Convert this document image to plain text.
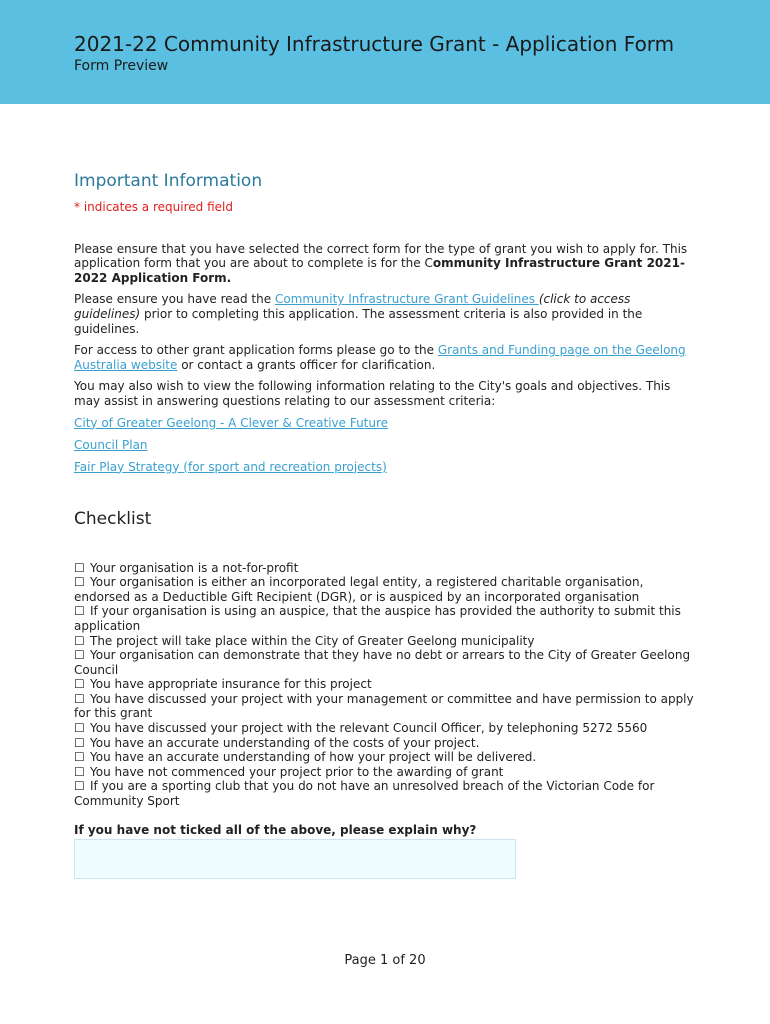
2021-22 Community Infrastructure Grant - Application Form
Form Preview
Important Information
* indicates a required field

Please ensure that you have selected the correct form for the type of grant you wish to apply for. This application form that you are about to complete is for the Community Infrastructure Grant 2021-2022 Application Form.

Please ensure you have read the Community Infrastructure Grant Guidelines (click to access guidelines) prior to completing this application. The assessment criteria is also provided in the guidelines.

For access to other grant application forms please go to the Grants and Funding page on the Geelong Australia website or contact a grants officer for clarification.

You may also wish to view the following information relating to the City's goals and objectives. This may assist in answering questions relating to our assessment criteria:

City of Greater Geelong - A Clever & Creative Future
Council Plan
Fair Play Strategy (for sport and recreation projects)
Checklist
☐ Your organisation is a not-for-profit
☐ Your organisation is either an incorporated legal entity, a registered charitable organisation, endorsed as a Deductible Gift Recipient (DGR), or is auspiced by an incorporated organisation
☐ If your organisation is using an auspice, that the auspice has provided the authority to submit this application
☐ The project will take place within the City of Greater Geelong municipality
☐ Your organisation can demonstrate that they have no debt or arrears to the City of Greater Geelong Council
☐ You have appropriate insurance for this project
☐ You have discussed your project with your management or committee and have permission to apply for this grant
☐ You have discussed your project with the relevant Council Officer, by telephoning 5272 5560
☐ You have an accurate understanding of the costs of your project.
☐ You have an accurate understanding of how your project will be delivered.
☐ You have not commenced your project prior to the awarding of grant
☐ If you are a sporting club that you do not have an unresolved breach of the Victorian Code for Community Sport
If you have not ticked all of the above, please explain why?
Page 1 of 20
